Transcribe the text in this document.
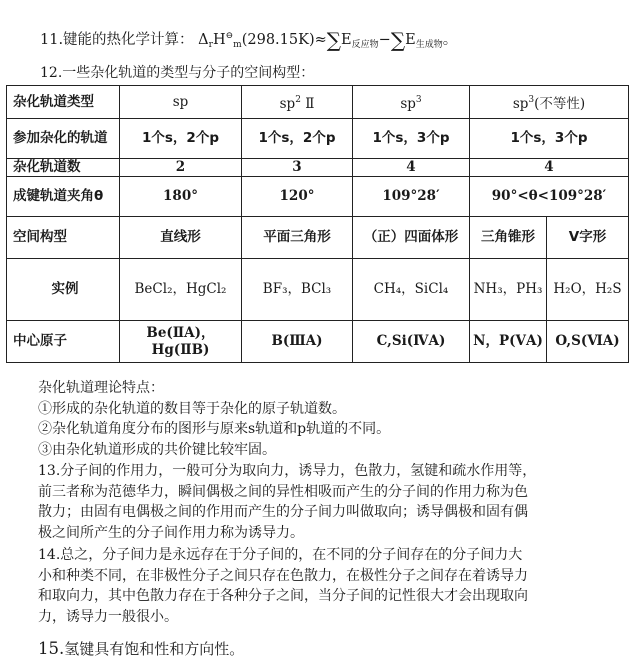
11.键能的热化学计算： $\Delta_rH^⊖_m(298.15K)\approx\sum E_{反应物}-\sum E_{生成物}$。
12.一些杂化轨道的类型与分子的空间构型：
杂化轨道类型	sp	$sp^2$ Ⅱ	$sp^3$	$sp^3$(不等性)	
参加杂化的轨道	1个s，2个p	1个s，2个p	1个s，3个p	1个s，3个p	
杂化轨道数	2	3	4	4	
成键轨道夹角θ	180°	120°	109°28′	90°<θ<109°28′	
空间构型	直线形	平面三角形	（正）四面体形	三角锥形	V字形
实例	BeCl₂，HgCl₂	BF₃，BCl₃	CH₄，SiCl₄	NH₃，PH₃	H₂O，H₂S
中心原子	Be(ⅡA)，Hg(ⅡB)	B(ⅢA)	C,Si(ⅣA)	N，P(ⅤA)	O,S(ⅥA)
杂化轨道理论特点：
①形成的杂化轨道的数目等于杂化的原子轨道数。
②杂化轨道角度分布的图形与原来s轨道和p轨道的不同。
③由杂化轨道形成的共价键比较牢固。
13.分子间的作用力，一般可分为取向力，诱导力，色散力，氢键和疏水作用等，
前三者称为范德华力，瞬间偶极之间的异性相吸而产生的分子间的作用力称为色
散力；由固有电偶极之间的作用而产生的分子间力叫做取向；诱导偶极和固有偶
极之间所产生的分子间作用力称为诱导力。
14.总之，分子间力是永远存在于分子间的，在不同的分子间存在的分子间力大
小和种类不同，在非极性分子之间只存在色散力，在极性分子之间存在着诱导力
和取向力，其中色散力存在于各种分子之间，当分子间的记性很大才会出现取向
力，诱导力一般很小。
15.氢键具有饱和性和方向性。
